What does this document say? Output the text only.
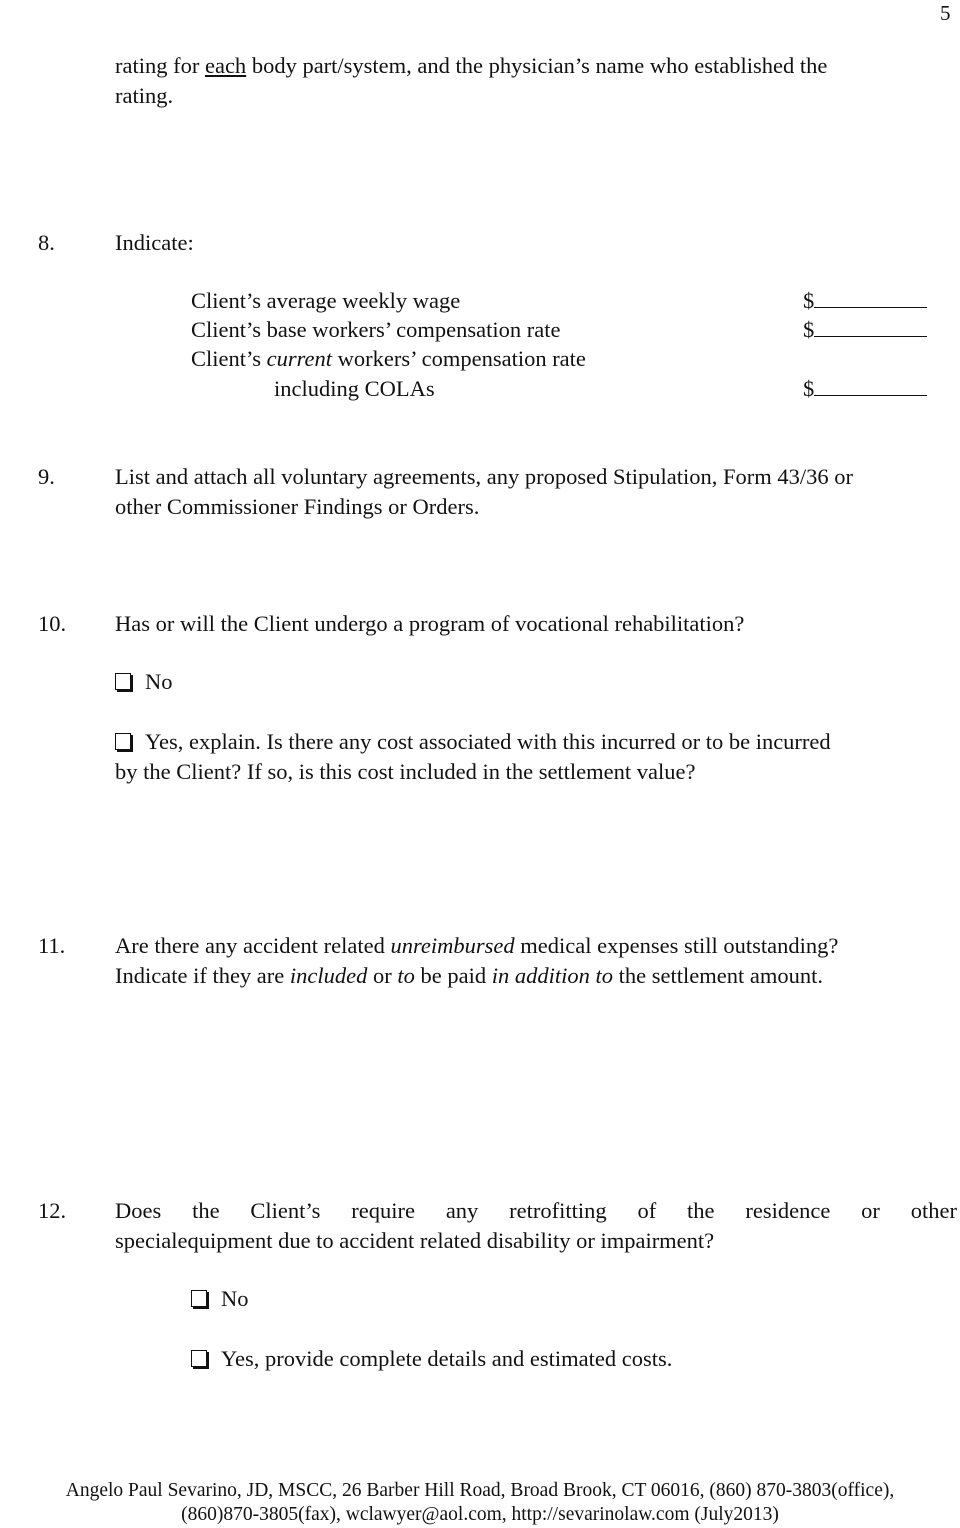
5
rating for each body part/system, and the physician’s name who established the
rating.
8.	Indicate:
Client’s average weekly wage	$
Client’s base workers’ compensation rate	$
Client’s current workers’ compensation rate
including COLAs	$
9.	List and attach all voluntary agreements, any proposed Stipulation, Form 43/36 or
other Commissioner Findings or Orders.
10. Has or will the Client undergo a program of vocational rehabilitation?
No
Yes, explain. Is there any cost associated with this incurred or to be incurred
by the Client? If so, is this cost included in the settlement value?
11. Are there any accident related unreimbursed medical expenses still outstanding?
Indicate if they are included or to be paid in addition to the settlement amount.
12. Does the Client’s require any retrofitting of the residence or other
specialequipment due to accident related disability or impairment?
No
Yes, provide complete details and estimated costs.
Angelo Paul Sevarino, JD, MSCC, 26 Barber Hill Road, Broad Brook, CT 06016, (860) 870-3803(office),
(860)870-3805(fax), wclawyer@aol.com, http://sevarinolaw.com (July2013)
